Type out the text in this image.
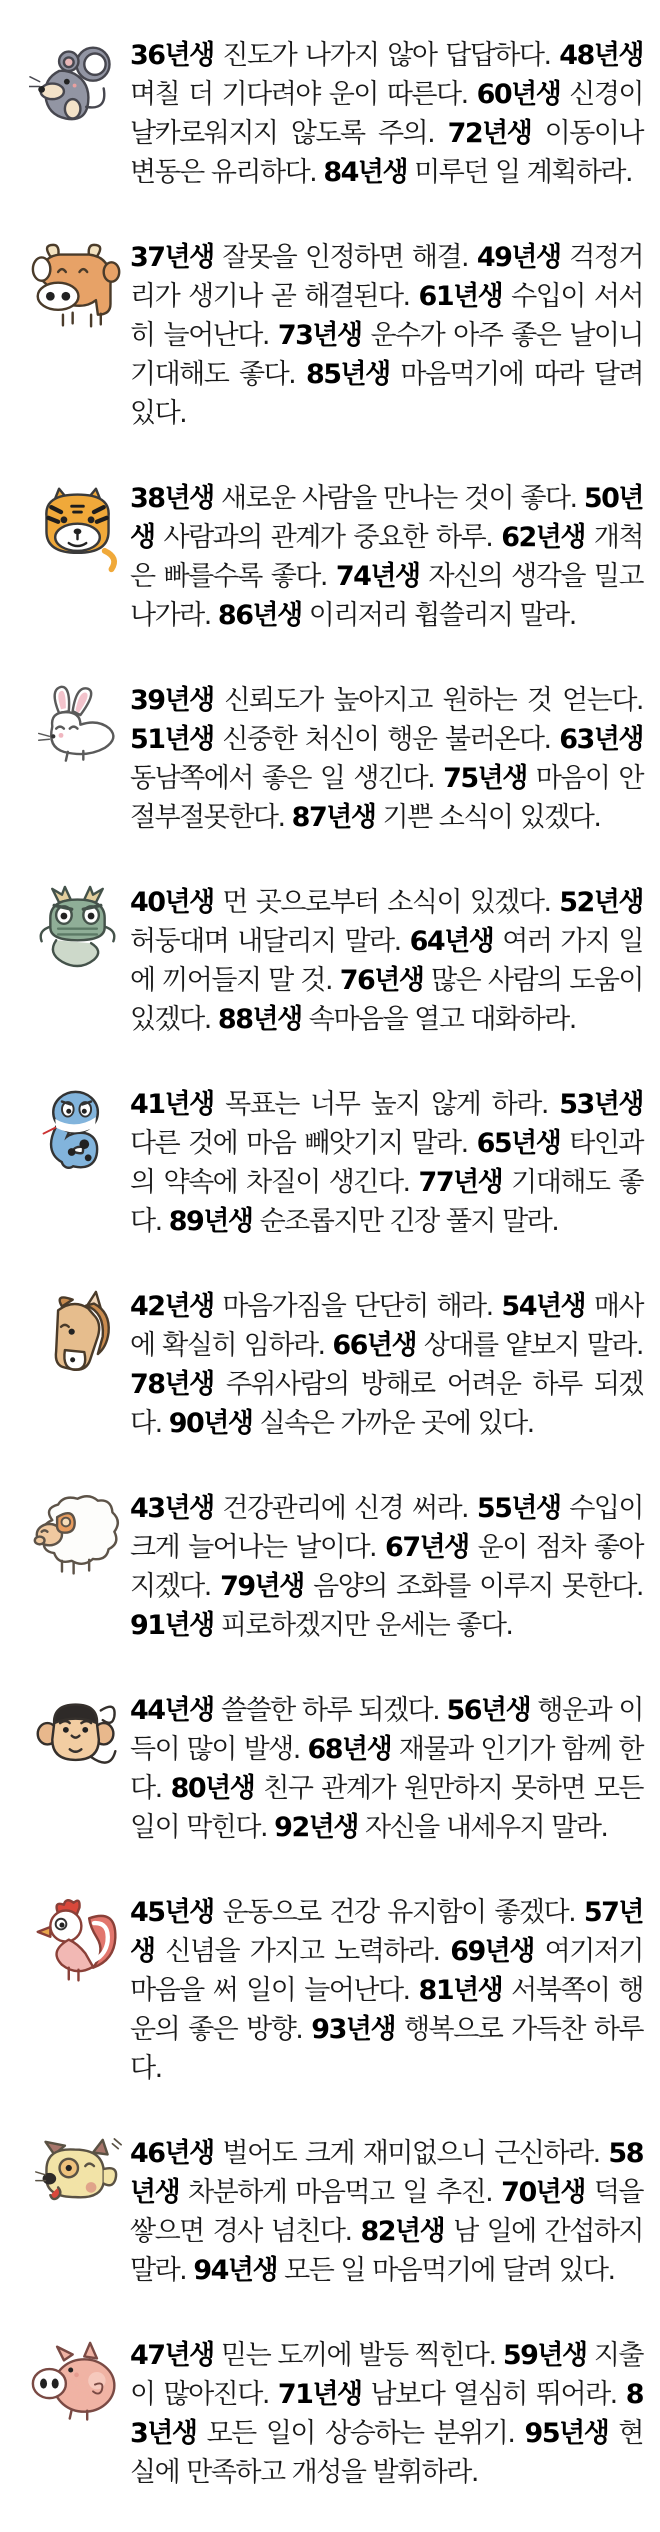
36년생 진도가 나가지 않아 답답하다. 48년생 며칠 더 기다려야 운이 따른다. 60년생 신경이 날카로워지지 않도록 주의. 72년생 이동이나 변동은 유리하다. 84년생 미루던 일 계획하라.

37년생 잘못을 인정하면 해결. 49년생 걱정거리가 생기나 곧 해결된다. 61년생 수입이 서서히 늘어난다. 73년생 운수가 아주 좋은 날이니 기대해도 좋다. 85년생 마음먹기에 따라 달려 있다.

38년생 새로운 사람을 만나는 것이 좋다. 50년생 사람과의 관계가 중요한 하루. 62년생 개척은 빠를수록 좋다. 74년생 자신의 생각을 밀고 나가라. 86년생 이리저리 휩쓸리지 말라.

39년생 신뢰도가 높아지고 원하는 것 얻는다. 51년생 신중한 처신이 행운 불러온다. 63년생 동남쪽에서 좋은 일 생긴다. 75년생 마음이 안절부절못한다. 87년생 기쁜 소식이 있겠다.

40년생 먼 곳으로부터 소식이 있겠다. 52년생 허둥대며 내달리지 말라. 64년생 여러 가지 일에 끼어들지 말 것. 76년생 많은 사람의 도움이 있겠다. 88년생 속마음을 열고 대화하라.

41년생 목표는 너무 높지 않게 하라. 53년생 다른 것에 마음 빼앗기지 말라. 65년생 타인과의 약속에 차질이 생긴다. 77년생 기대해도 좋다. 89년생 순조롭지만 긴장 풀지 말라.

42년생 마음가짐을 단단히 해라. 54년생 매사에 확실히 임하라. 66년생 상대를 얕보지 말라. 78년생 주위사람의 방해로 어려운 하루 되겠다. 90년생 실속은 가까운 곳에 있다.

43년생 건강관리에 신경 써라. 55년생 수입이 크게 늘어나는 날이다. 67년생 운이 점차 좋아지겠다. 79년생 음양의 조화를 이루지 못한다. 91년생 피로하겠지만 운세는 좋다.

44년생 쓸쓸한 하루 되겠다. 56년생 행운과 이득이 많이 발생. 68년생 재물과 인기가 함께 한다. 80년생 친구 관계가 원만하지 못하면 모든 일이 막힌다. 92년생 자신을 내세우지 말라.

45년생 운동으로 건강 유지함이 좋겠다. 57년생 신념을 가지고 노력하라. 69년생 여기저기 마음을 써 일이 늘어난다. 81년생 서북쪽이 행운의 좋은 방향. 93년생 행복으로 가득찬 하루다.

46년생 벌어도 크게 재미없으니 근신하라. 58년생 차분하게 마음먹고 일 추진. 70년생 덕을 쌓으면 경사 넘친다. 82년생 남 일에 간섭하지 말라. 94년생 모든 일 마음먹기에 달려 있다.

47년생 믿는 도끼에 발등 찍힌다. 59년생 지출이 많아진다. 71년생 남보다 열심히 뛰어라. 83년생 모든 일이 상승하는 분위기. 95년생 현실에 만족하고 개성을 발휘하라.
